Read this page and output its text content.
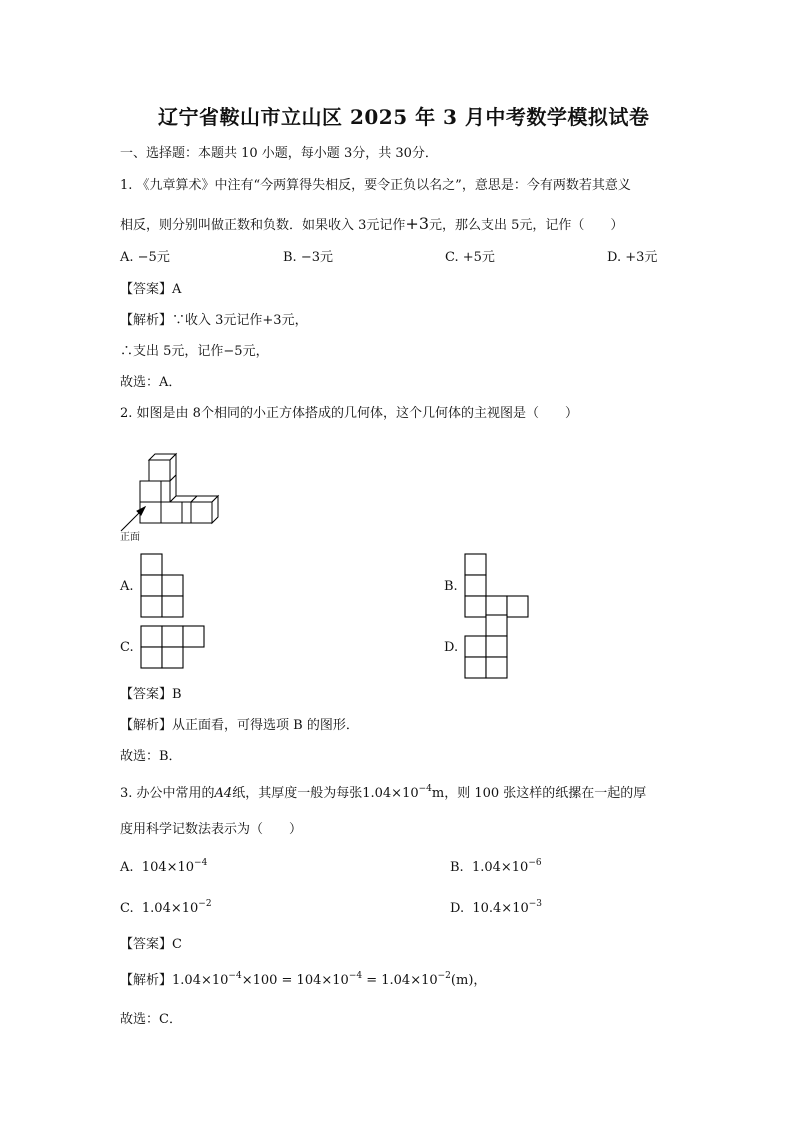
辽宁省鞍山市立山区 2025 年 3 月中考数学模拟试卷
一、选择题：本题共 10 小题，每小题 3分，共 30分．
1. 《九章算术》中注有“今两算得失相反，要令正负以名之”，意思是：今有两数若其意义
相反，则分别叫做正数和负数．如果收入 3元记作+3元，那么支出 5元，记作（　　）
A. −5元	B. −3元	C. +5元	D. +3元
【答案】A
【解析】∵收入 3元记作+3元，
∴支出 5元，记作−5元，
故选：A．
2. 如图是由 8个相同的小正方体搭成的几何体，这个几何体的主视图是（　　）
正面
A.	B.
C.	D.
【答案】B
【解析】从正面看，可得选项 B 的图形．
故选：B．
3. 办公中常用的A4纸，其厚度一般为每张$1.04\times 10^{-4}m$，则 100 张这样的纸摞在一起的厚
度用科学记数法表示为（　　）
A. $104\times 10^{-4}$	B. $1.04\times 10^{-6}$
C. $1.04\times 10^{-2}$	D. $10.4\times 10^{-3}$
【答案】C
【解析】$1.04\times 10^{-4}\times 100 = 104\times 10^{-4} = 1.04\times 10^{-2}(m)$，
故选：C．
